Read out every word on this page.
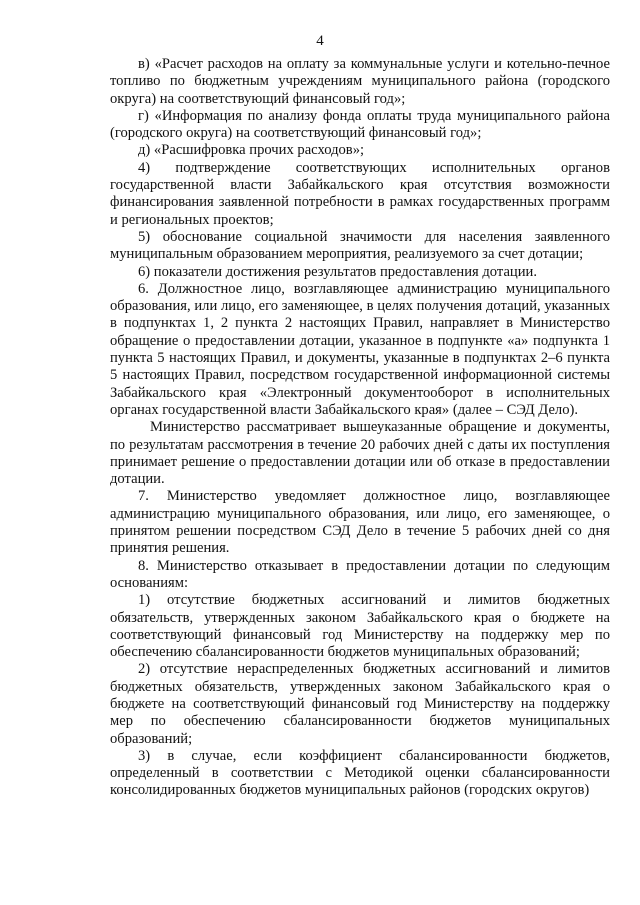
4

в) «Расчет расходов на оплату за коммунальные услуги и котельно-печное топливо по бюджетным учреждениям муниципального района (городского округа) на соответствующий финансовый год»;

г) «Информация по анализу фонда оплаты труда муниципального района (городского округа) на соответствующий финансовый год»;

д) «Расшифровка прочих расходов»;

4) подтверждение соответствующих исполнительных органов государственной власти Забайкальского края отсутствия возможности финансирования заявленной потребности в рамках государственных программ и региональных проектов;

5) обоснование социальной значимости для населения заявленного муниципальным образованием мероприятия, реализуемого за счет дотации;

6) показатели достижения результатов предоставления дотации.

6. Должностное лицо, возглавляющее администрацию муниципального образования, или лицо, его заменяющее, в целях получения дотаций, указанных в подпунктах 1, 2 пункта 2 настоящих Правил, направляет в Министерство обращение о предоставлении дотации, указанное в подпункте «а» подпункта 1 пункта 5 настоящих Правил, и документы, указанные в подпунктах 2–6 пункта 5 настоящих Правил, посредством государственной информационной системы Забайкальского края «Электронный документооборот в исполнительных органах государственной власти Забайкальского края» (далее – СЭД Дело).

Министерство рассматривает вышеуказанные обращение и документы, по результатам рассмотрения в течение 20 рабочих дней с даты их поступления принимает решение о предоставлении дотации или об отказе в предоставлении дотации.

7. Министерство уведомляет должностное лицо, возглавляющее администрацию муниципального образования, или лицо, его заменяющее, о принятом решении посредством СЭД Дело в течение 5 рабочих дней со дня принятия решения.

8. Министерство отказывает в предоставлении дотации по следующим основаниям:

1) отсутствие бюджетных ассигнований и лимитов бюджетных обязательств, утвержденных законом Забайкальского края о бюджете на соответствующий финансовый год Министерству на поддержку мер по обеспечению сбалансированности бюджетов муниципальных образований;

2) отсутствие нераспределенных бюджетных ассигнований и лимитов бюджетных обязательств, утвержденных законом Забайкальского края о бюджете на соответствующий финансовый год Министерству на поддержку мер по обеспечению сбалансированности бюджетов муниципальных образований;

3) в случае, если коэффициент сбалансированности бюджетов, определенный в соответствии с Методикой оценки сбалансированности консолидированных бюджетов муниципальных районов (городских округов)
